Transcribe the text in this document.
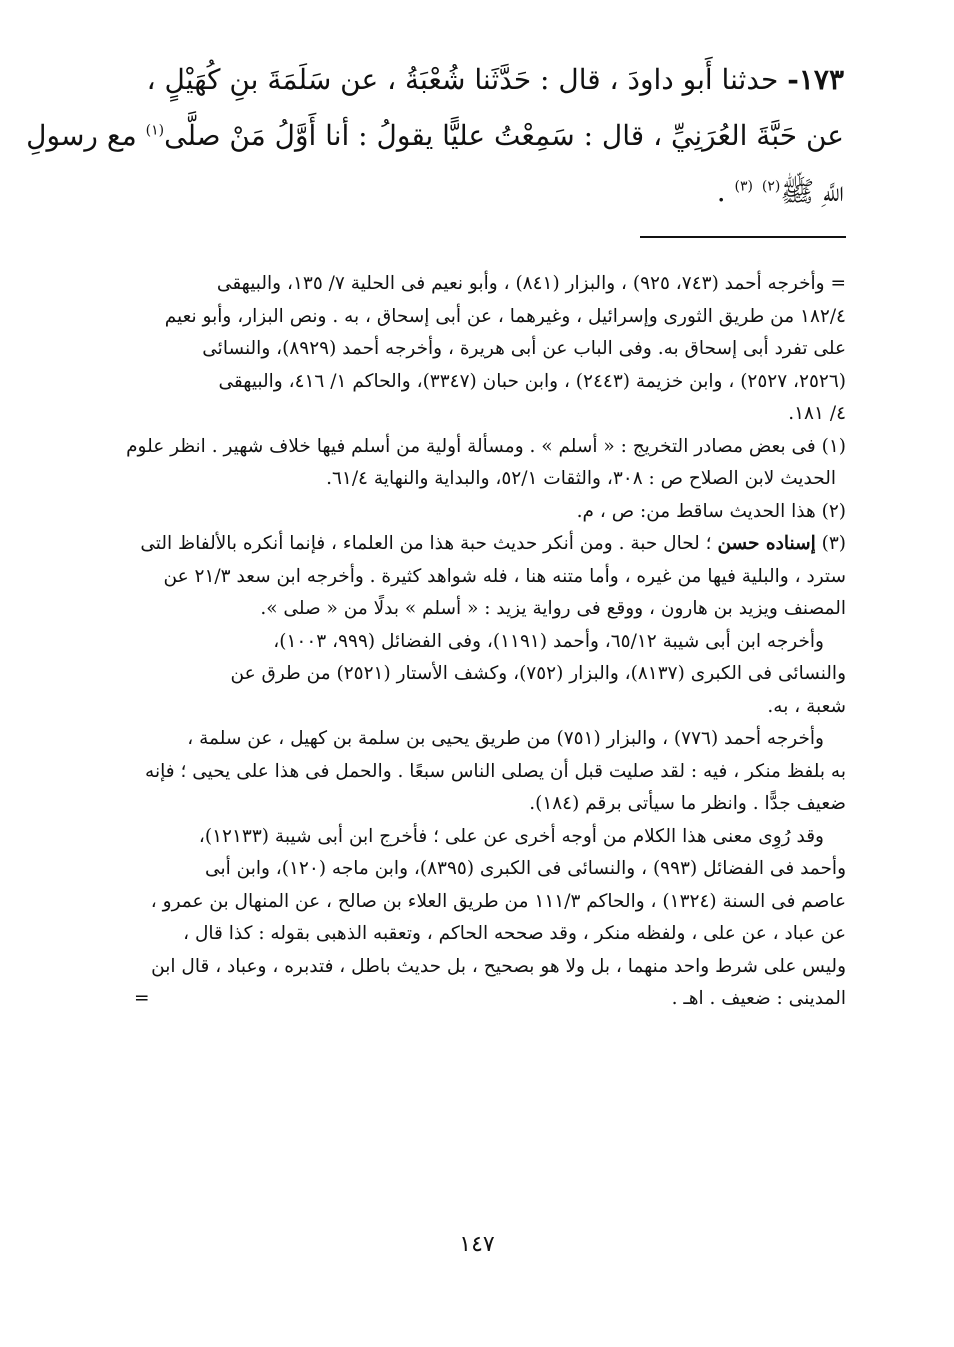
١٧٣- حدثنا أَبو داودَ ، قال : حَدَّثَنا شُعْبَةُ ، عن سَلَمَةَ بنِ كُهَيْلٍ ،
عن حَبَّةَ العُرَنِيِّ ، قال : سَمِعْتُ عليًّا يقولُ : أنا أَوَّلُ مَنْ صلَّى$^{(١)}$ مع رسولِ
اللَّهِ ﷺ$^{(٢)}$ $^{(٣)}$ .
= وأخرجه أحمد (٧٤٣، ٩٢٥) ، والبزار (٨٤١) ، وأبو نعيم فى الحلية ٧/ ١٣٥، والبيهقى
١٨٢/٤ من طريق الثورى وإسرائيل ، وغيرهما ، عن أبى إسحاق ، به . ونص البزار، وأبو نعيم
على تفرد أبى إسحاق به. وفى الباب عن أبى هريرة ، وأخرجه أحمد (٨٩٢٩)، والنسائى
(٢٥٢٦، ٢٥٢٧) ، وابن خزيمة (٢٤٤٣) ، وابن حبان (٣٣٤٧)، والحاكم ١/ ٤١٦، والبيهقى
٤/ ١٨١.
(١) فى بعض مصادر التخريج : « أسلم » . ومسألة أولية من أسلم فيها خلاف شهير . انظر علوم
الحديث لابن الصلاح ص : ٣٠٨، والثقات ٥٢/١، والبداية والنهاية ٦١/٤.
(٢) هذا الحديث ساقط من: ص ، م.
(٣) إسناده حسن ؛ لحال حبة . ومن أنكر حديث حبة هذا من العلماء ، فإنما أنكره بالألفاظ التى
سترد ، والبلية فيها من غيره ، وأما متنه هنا ، فله شواهد كثيرة . وأخرجه ابن سعد ٢١/٣ عن
المصنف ويزيد بن هارون ، ووقع فى رواية يزيد : « أسلم » بدلًا من « صلى ».
وأخرجه ابن أبى شيبة ٦٥/١٢، وأحمد (١١٩١)، وفى الفضائل (٩٩٩، ١٠٠٣)،
والنسائى فى الكبرى (٨١٣٧)، والبزار (٧٥٢)، وكشف الأستار (٢٥٢١) من طرق عن
شعبة ، به.
وأخرجه أحمد (٧٧٦) ، والبزار (٧٥١) من طريق يحيى بن سلمة بن كهيل ، عن سلمة ،
به بلفظ منكر ، فيه : لقد صليت قبل أن يصلى الناس سبعًا . والحمل فى هذا على يحيى ؛ فإنه
ضعيف جدًّا . وانظر ما سيأتى برقم (١٨٤).
وقد رُوِى معنى هذا الكلام من أوجه أخرى عن على ؛ فأخرج ابن أبى شيبة (١٢١٣٣)،
وأحمد فى الفضائل (٩٩٣) ، والنسائى فى الكبرى (٨٣٩٥)، وابن ماجه (١٢٠)، وابن أبى
عاصم فى السنة (١٣٢٤) ، والحاكم ١١١/٣ من طريق العلاء بن صالح ، عن المنهال بن عمرو ،
عن عباد ، عن على ، ولفظه منكر ، وقد صححه الحاكم ، وتعقبه الذهبى بقوله : كذا قال ،
وليس على شرط واحد منهما ، بل ولا هو بصحيح ، بل حديث باطل ، فتدبره ، وعباد ، قال ابن
المدينى : ضعيف . اهـ .
=
١٤٧
